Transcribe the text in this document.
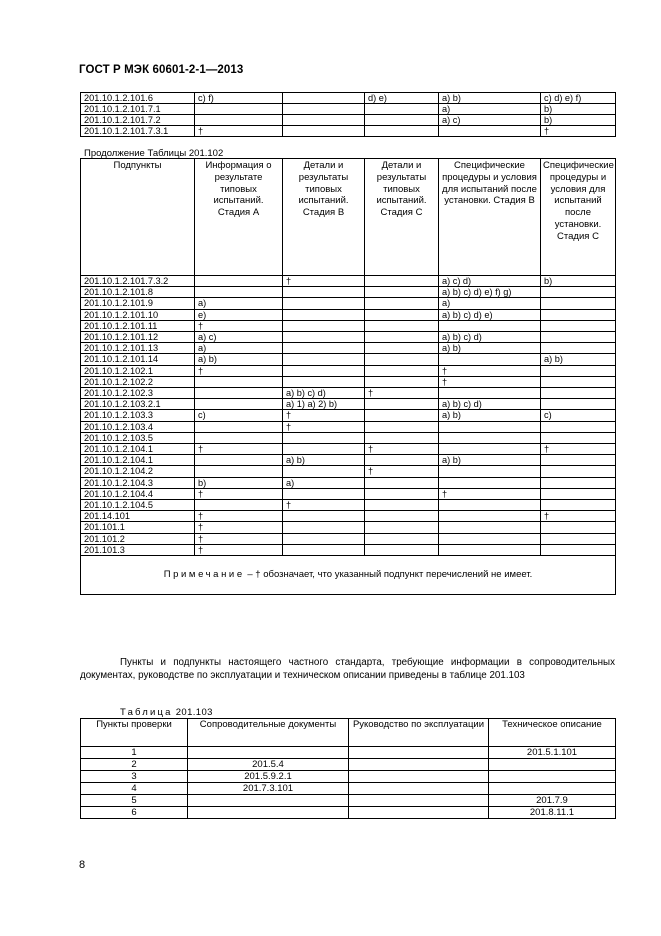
ГОСТ Р МЭК 60601-2-1—2013
201.10.1.2.101.6	c) f)		d) e)	a) b)	c) d) e) f)
201.10.1.2.101.7.1				a)	b)
201.10.1.2.101.7.2				a) c)	b)
201.10.1.2.101.7.3.1	†				†
Продолжение Таблицы 201.102
Подпункты	Информация о результате типовых испытаний. Стадия А	Детали и результаты типовых испытаний. Стадия В	Детали и результаты типовых испытаний. Стадия С	Специфические процедуры и условия для испытаний после установки. Стадия В	Специфические процедуры и условия для испытаний после установки. Стадия С
201.10.1.2.101.7.3.2		†		a) c) d)	b)
201.10.1.2.101.8				a) b) c) d) e) f) g)	
201.10.1.2.101.9	a)			a)	
201.10.1.2.101.10	e)			a) b) c) d) e)	
201.10.1.2.101.11	†				
201.10.1.2.101.12	a) c)			a) b) c) d)	
201.10.1.2.101.13	a)			a) b)	
201.10.1.2.101.14	a) b)				a) b)
201.10.1.2.102.1	†			†	
201.10.1.2.102.2				†	
201.10.1.2.102.3		a) b) c) d)	†		
201.10.1.2.103.2.1		a) 1) a) 2) b)		a) b) c) d)	
201.10.1.2.103.3	c)	†		a) b)	c)
201.10.1.2.103.4		†			
201.10.1.2.103.5					
201.10.1.2.104.1	†		†		†
201.10.1.2.104.1		a) b)		a) b)	
201.10.1.2.104.2			†		
201.10.1.2.104.3	b)	a)			
201.10.1.2.104.4	†			†	
201.10.1.2.104.5		†			
201.14.101	†				†
201.101.1	†				
201.101.2	†				
201.101.3	†				
Примечание – † обозначает, что указанный подпункт перечислений не имеет.					
Пункты и подпункты настоящего частного стандарта, требующие информации в сопроводительных документах, руководстве по эксплуатации и техническом описании приведены в таблице 201.103
Таблица 201.103
Пункты проверки	Сопроводительные документы	Руководство по эксплуатации	Техническое описание
1			201.5.1.101
2	201.5.4		
3	201.5.9.2.1		
4	201.7.3.101		
5			201.7.9
6			201.8.11.1
8
